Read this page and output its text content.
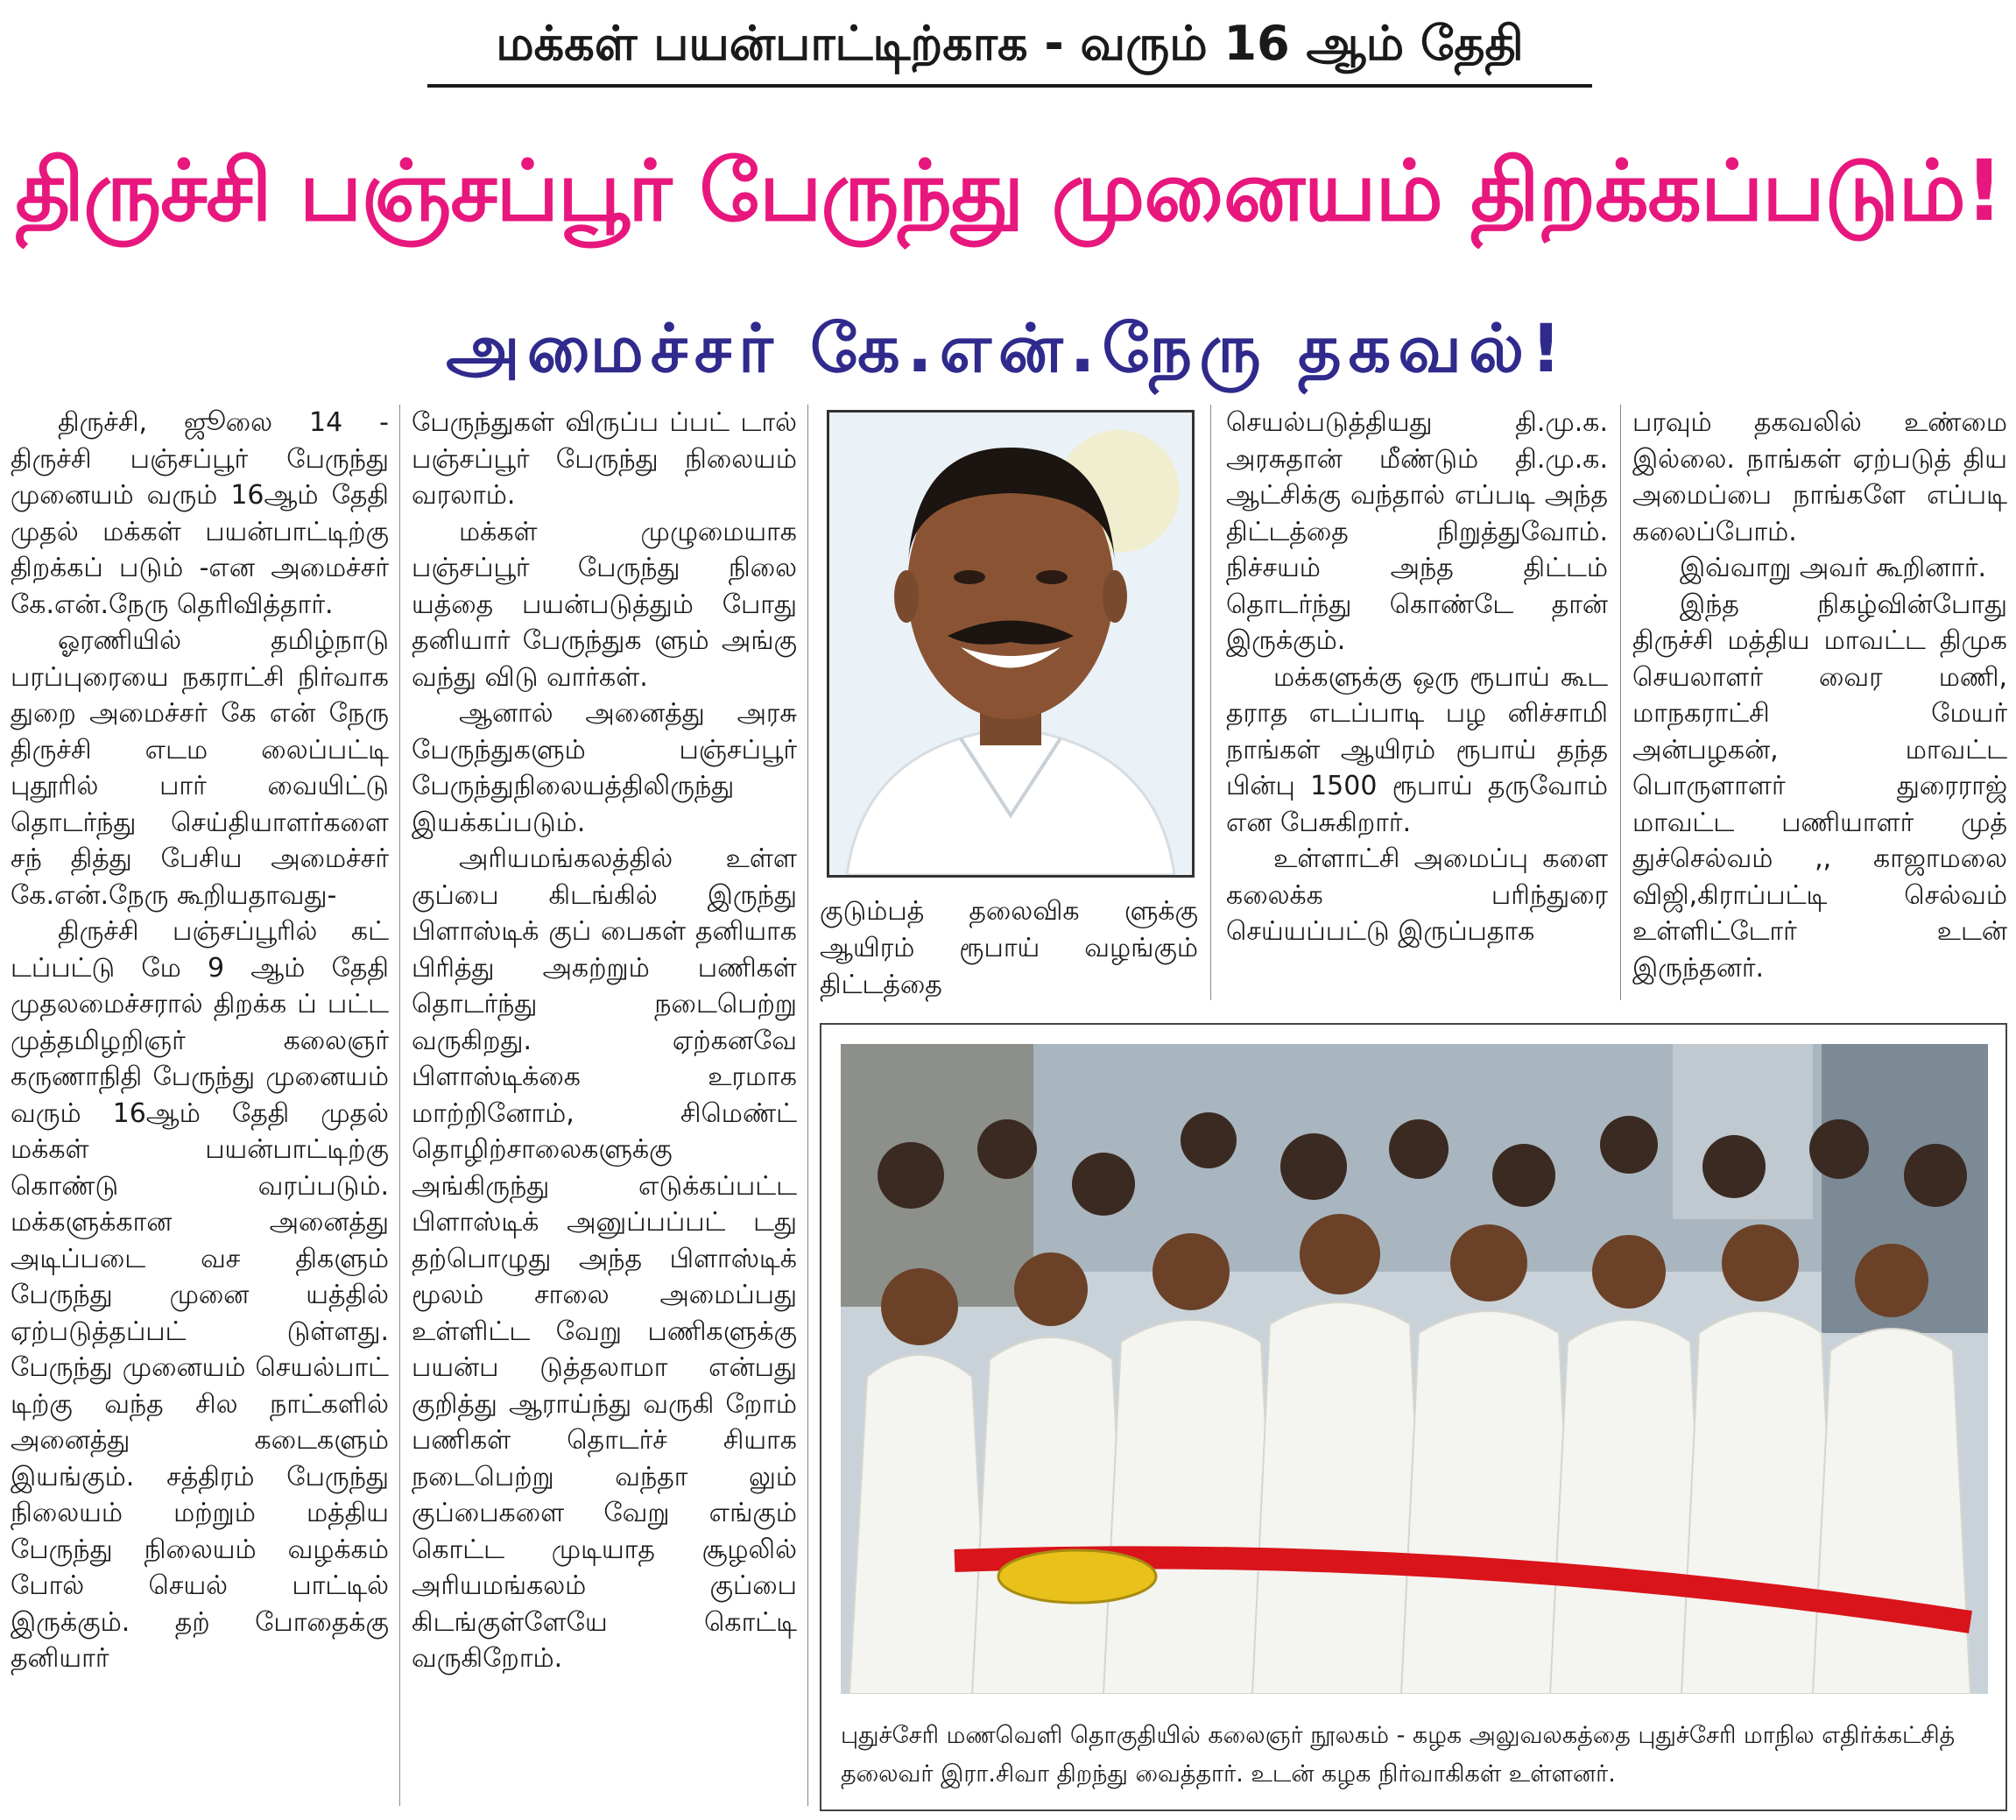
மக்கள் பயன்பாட்டிற்காக - வரும் 16 ஆம் தேதி
திருச்சி பஞ்சப்பூர் பேருந்து முனையம் திறக்கப்படும்!
அமைச்சர் கே.என்.நேரு தகவல்!

திருச்சி, ஜூலை 14 - திருச்சி பஞ்சப்பூர் பேருந்து முனையம் வரும் 16ஆம் தேதி முதல் மக்கள் பயன்பாட்டிற்கு திறக்கப் படும் -என அமைச்சர் கே.என்.நேரு தெரிவித்தார்.

ஓரணியில் தமிழ்நாடு பரப்புரையை நகராட்சி நிர்வாக துறை அமைச்சர் கே என் நேரு திருச்சி எடம லைப்பட்டி புதூரில் பார் வையிட்டு தொடர்ந்து செய்தியாளர்களை சந் தித்து பேசிய அமைச்சர் கே.என்.நேரு கூறியதாவது-

திருச்சி பஞ்சப்பூரில் கட் டப்பட்டு மே 9 ஆம் தேதி முதலமைச்சரால் திறக்க ப் பட்ட முத்தமிழறிஞர் கலைஞர் கருணாநிதி பேருந்து முனையம் வரும் 16ஆம் தேதி முதல் மக்கள் பயன்பாட்டிற்கு கொண்டு வரப்படும். மக்களுக்கான அனைத்து அடிப்படை வச திகளும் பேருந்து முனை யத்தில் ஏற்படுத்தப்பட் டுள்ளது. பேருந்து முனையம் செயல்பாட் டிற்கு வந்த சில நாட்களில் அனைத்து கடைகளும் இயங்கும். சத்திரம் பேருந்து நிலையம் மற்றும் மத்திய பேருந்து நிலையம் வழக்கம் போல் செயல் பாட்டில் இருக்கும். தற் போதைக்கு தனியார்

பேருந்துகள் விருப்ப ப்பட் டால் பஞ்சப்பூர் பேருந்து நிலையம் வரலாம்.

மக்கள் முழுமையாக பஞ்சப்பூர் பேருந்து நிலை யத்தை பயன்படுத்தும் போது தனியார் பேருந்துக ளும் அங்கு வந்து விடு வார்கள்.

ஆனால் அனைத்து அரசு பேருந்துகளும் பஞ்சப்பூர் பேருந்துநிலையத்திலிருந்து இயக்கப்படும்.

அரியமங்கலத்தில் உள்ள குப்பை கிடங்கில் இருந்து பிளாஸ்டிக் குப் பைகள் தனியாக பிரித்து அகற்றும் பணிகள் தொடர்ந்து நடைபெற்று வருகிறது. ஏற்கனவே பிளாஸ்டிக்கை உரமாக மாற்றினோம், சிமெண்ட் தொழிற்சாலைகளுக்கு அங்கிருந்து எடுக்கப்பட்ட பிளாஸ்டிக் அனுப்பப்பட் டது தற்பொழுது அந்த பிளாஸ்டிக் மூலம் சாலை அமைப்பது உள்ளிட்ட வேறு பணிகளுக்கு பயன்ப டுத்தலாமா என்பது குறித்து ஆராய்ந்து வருகி றோம் பணிகள் தொடர்ச் சியாக நடைபெற்று வந்தா லும் குப்பைகளை வேறு எங்கும் கொட்ட முடியாத சூழலில் அரியமங்கலம் குப்பை கிடங்குள்ளேயே கொட்டி வருகிறோம்.

குடும்பத் தலைவிக ளுக்கு ஆயிரம் ரூபாய் வழங்கும் திட்டத்தை

செயல்படுத்தியது தி.மு.க. அரசுதான் மீண்டும் தி.மு.க. ஆட்சிக்கு வந்தால் எப்படி அந்த திட்டத்தை நிறுத்துவோம். நிச்சயம் அந்த திட்டம் தொடர்ந்து கொண்டே தான் இருக்கும்.

மக்களுக்கு ஒரு ரூபாய் கூட தராத எடப்பாடி பழ னிச்சாமி நாங்கள் ஆயிரம் ரூபாய் தந்த பின்பு 1500 ரூபாய் தருவோம் என பேசுகிறார்.

உள்ளாட்சி அமைப்பு களை கலைக்க பரிந்துரை செய்யப்பட்டு இருப்பதாக

பரவும் தகவலில் உண்மை இல்லை. நாங்கள் ஏற்படுத் திய அமைப்பை நாங்களே எப்படி கலைப்போம்.

இவ்வாறு அவர் கூறினார்.

இந்த நிகழ்வின்போது திருச்சி மத்திய மாவட்ட திமுக செயலாளர் வைர மணி, மாநகராட்சி மேயர் அன்பழகன், மாவட்ட பொருளாளர் துரைராஜ் மாவட்ட பணியாளர் முத் துச்செல்வம் ,, காஜாமலை விஜி,கிராப்பட்டி செல்வம் உள்ளிட்டோர் உடன் இருந்தனர்.

புதுச்சேரி மணவெளி தொகுதியில் கலைஞர் நூலகம் - கழக அலுவலகத்தை புதுச்சேரி மாநில எதிர்க்கட்சித் தலைவர் இரா.சிவா திறந்து வைத்தார். உடன் கழக நிர்வாகிகள் உள்ளனர்.
